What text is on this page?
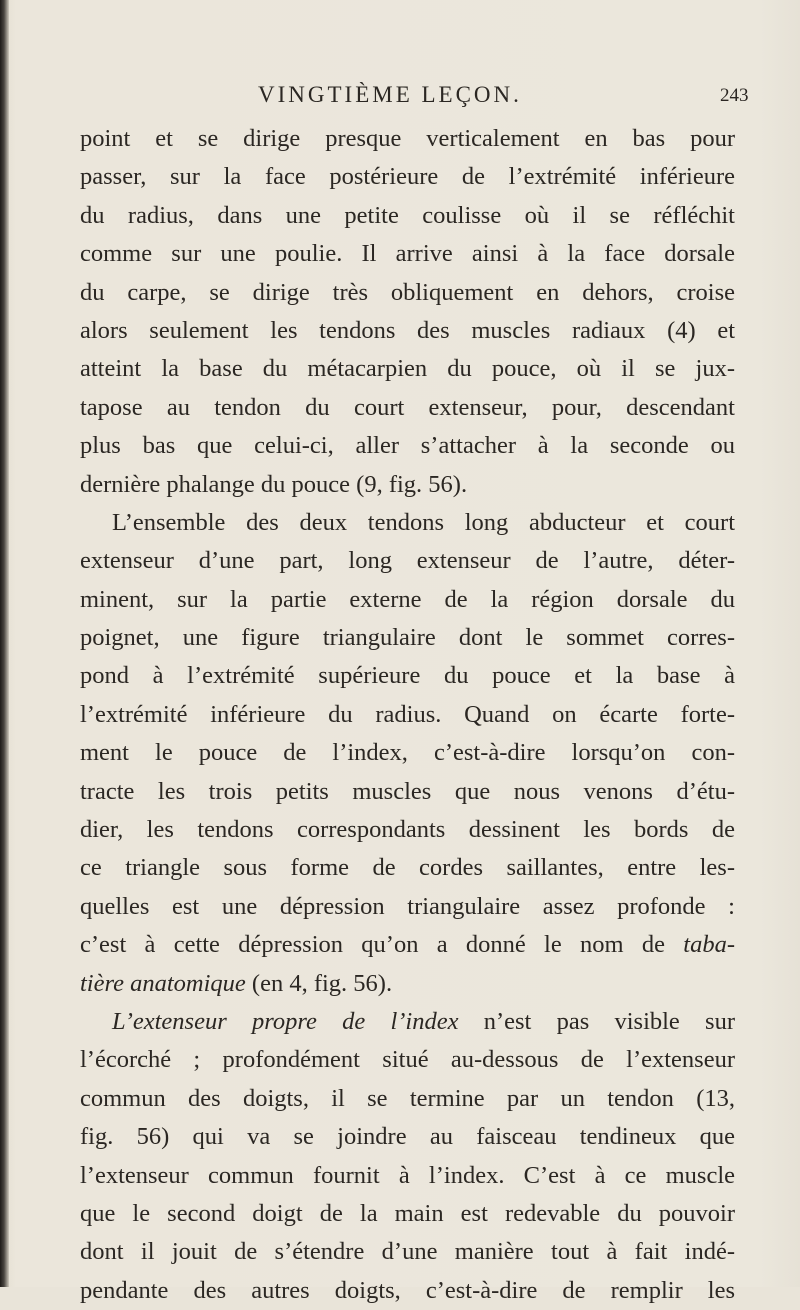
VINGTIÈME LEÇON.	243
point et se dirige presque verticalement en bas pour
passer, sur la face postérieure de l’extrémité inférieure
du radius, dans une petite coulisse où il se réfléchit
comme sur une poulie. Il arrive ainsi à la face dorsale
du carpe, se dirige très obliquement en dehors, croise
alors seulement les tendons des muscles radiaux (4) et
atteint la base du métacarpien du pouce, où il se jux-
tapose au tendon du court extenseur, pour, descendant
plus bas que celui-ci, aller s’attacher à la seconde ou
dernière phalange du pouce (9, fig. 56).
L’ensemble des deux tendons long abducteur et court
extenseur d’une part, long extenseur de l’autre, déter-
minent, sur la partie externe de la région dorsale du
poignet, une figure triangulaire dont le sommet corres-
pond à l’extrémité supérieure du pouce et la base à
l’extrémité inférieure du radius. Quand on écarte forte-
ment le pouce de l’index, c’est-à-dire lorsqu’on con-
tracte les trois petits muscles que nous venons d’étu-
dier, les tendons correspondants dessinent les bords de
ce triangle sous forme de cordes saillantes, entre les-
quelles est une dépression triangulaire assez profonde :
c’est à cette dépression qu’on a donné le nom de taba-
tière anatomique (en 4, fig. 56).
L’extenseur propre de l’index n’est pas visible sur
l’écorché ; profondément situé au-dessous de l’extenseur
commun des doigts, il se termine par un tendon (13,
fig. 56) qui va se joindre au faisceau tendineux que
l’extenseur commun fournit à l’index. C’est à ce muscle
que le second doigt de la main est redevable du pouvoir
dont il jouit de s’étendre d’une manière tout à fait indé-
pendante des autres doigts, c’est-à-dire de remplir les
